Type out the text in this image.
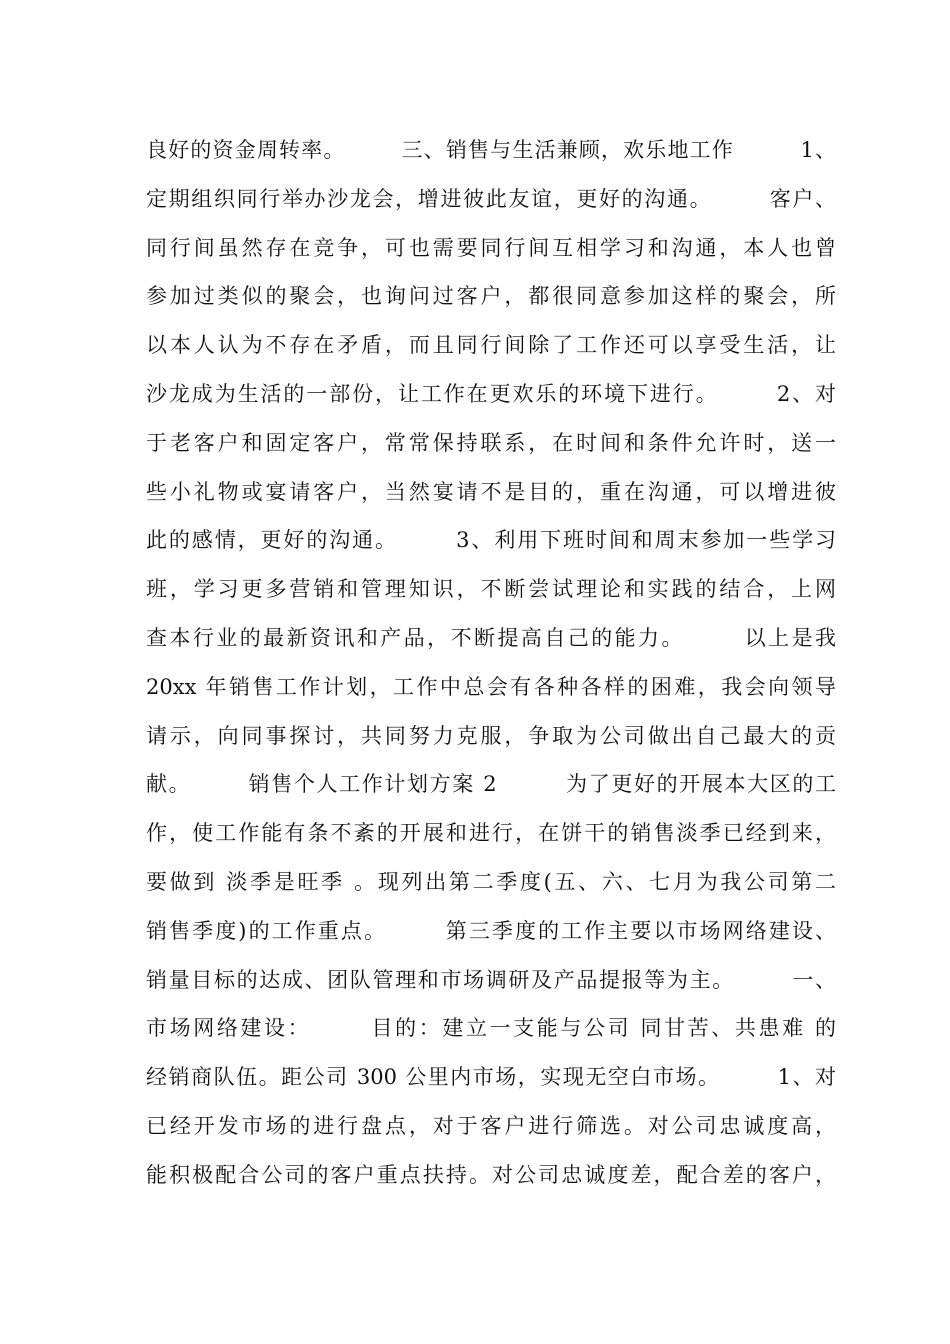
良好的资金周转率。　　　三、销售与生活兼顾，欢乐地工作　　　1、
定期组织同行举办沙龙会，增进彼此友谊，更好的沟通。　　　客户、
同行间虽然存在竞争，可也需要同行间互相学习和沟通，本人也曾
参加过类似的聚会，也询问过客户，都很同意参加这样的聚会，所
以本人认为不存在矛盾，而且同行间除了工作还可以享受生活，让
沙龙成为生活的一部份，让工作在更欢乐的环境下进行。　　　2、对
于老客户和固定客户，常常保持联系，在时间和条件允许时，送一
些小礼物或宴请客户，当然宴请不是目的，重在沟通，可以增进彼
此的感情，更好的沟通。　　　3、利用下班时间和周末参加一些学习
班，学习更多营销和管理知识，不断尝试理论和实践的结合，上网
查本行业的最新资讯和产品，不断提高自己的能力。　　　以上是我
20xx 年销售工作计划，工作中总会有各种各样的困难，我会向领导
请示，向同事探讨，共同努力克服，争取为公司做出自己最大的贡
献。　　　销售个人工作计划方案 2　　　为了更好的开展本大区的工
作，使工作能有条不紊的开展和进行，在饼干的销售淡季已经到来，
要做到 淡季是旺季 。现列出第二季度(五、六、七月为我公司第二
销售季度)的工作重点。　　　第三季度的工作主要以市场网络建设、
销量目标的达成、团队管理和市场调研及产品提报等为主。　　　一、
市场网络建设：　　　目的：建立一支能与公司 同甘苦、共患难 的
经销商队伍。距公司 300 公里内市场，实现无空白市场。　　　1、对
已经开发市场的进行盘点，对于客户进行筛选。对公司忠诚度高，
能积极配合公司的客户重点扶持。对公司忠诚度差，配合差的客户，
